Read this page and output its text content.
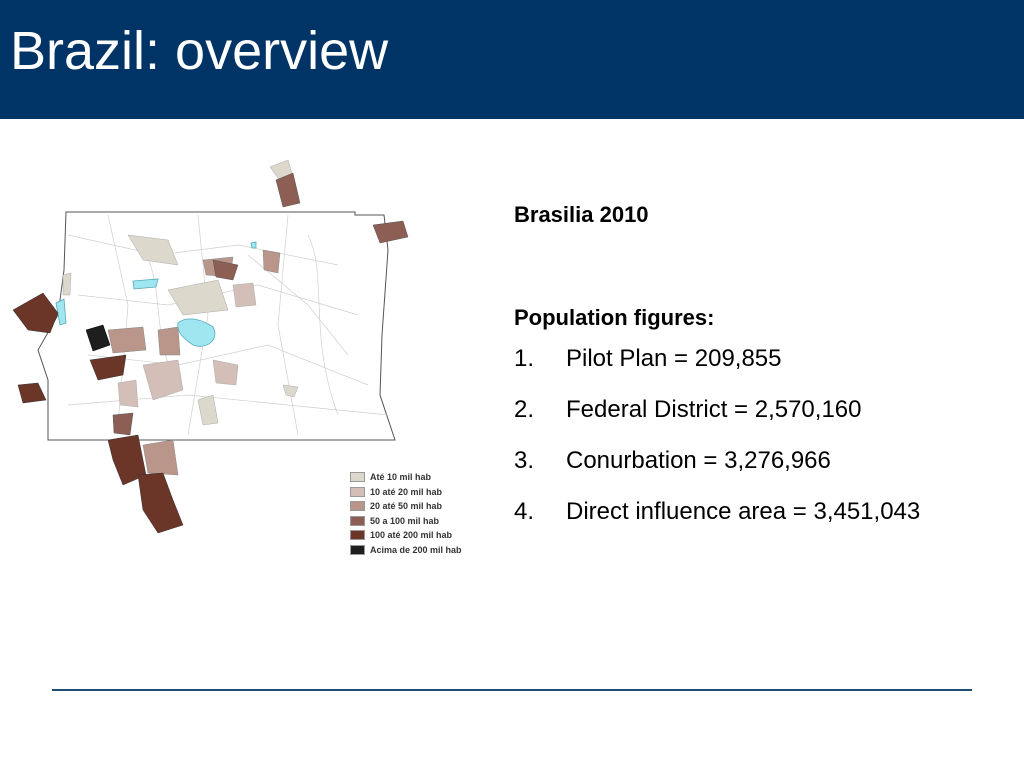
Brazil: overview
Até 10 mil hab
10 até 20 mil hab
20 até 50 mil hab
50 a 100 mil hab
100 até 200 mil hab
Acima de 200 mil hab
Brasilia 2010
Population figures:
1.	Pilot Plan = 209,855
2.	Federal District = 2,570,160
3.	Conurbation = 3,276,966
4.	Direct influence area = 3,451,043
